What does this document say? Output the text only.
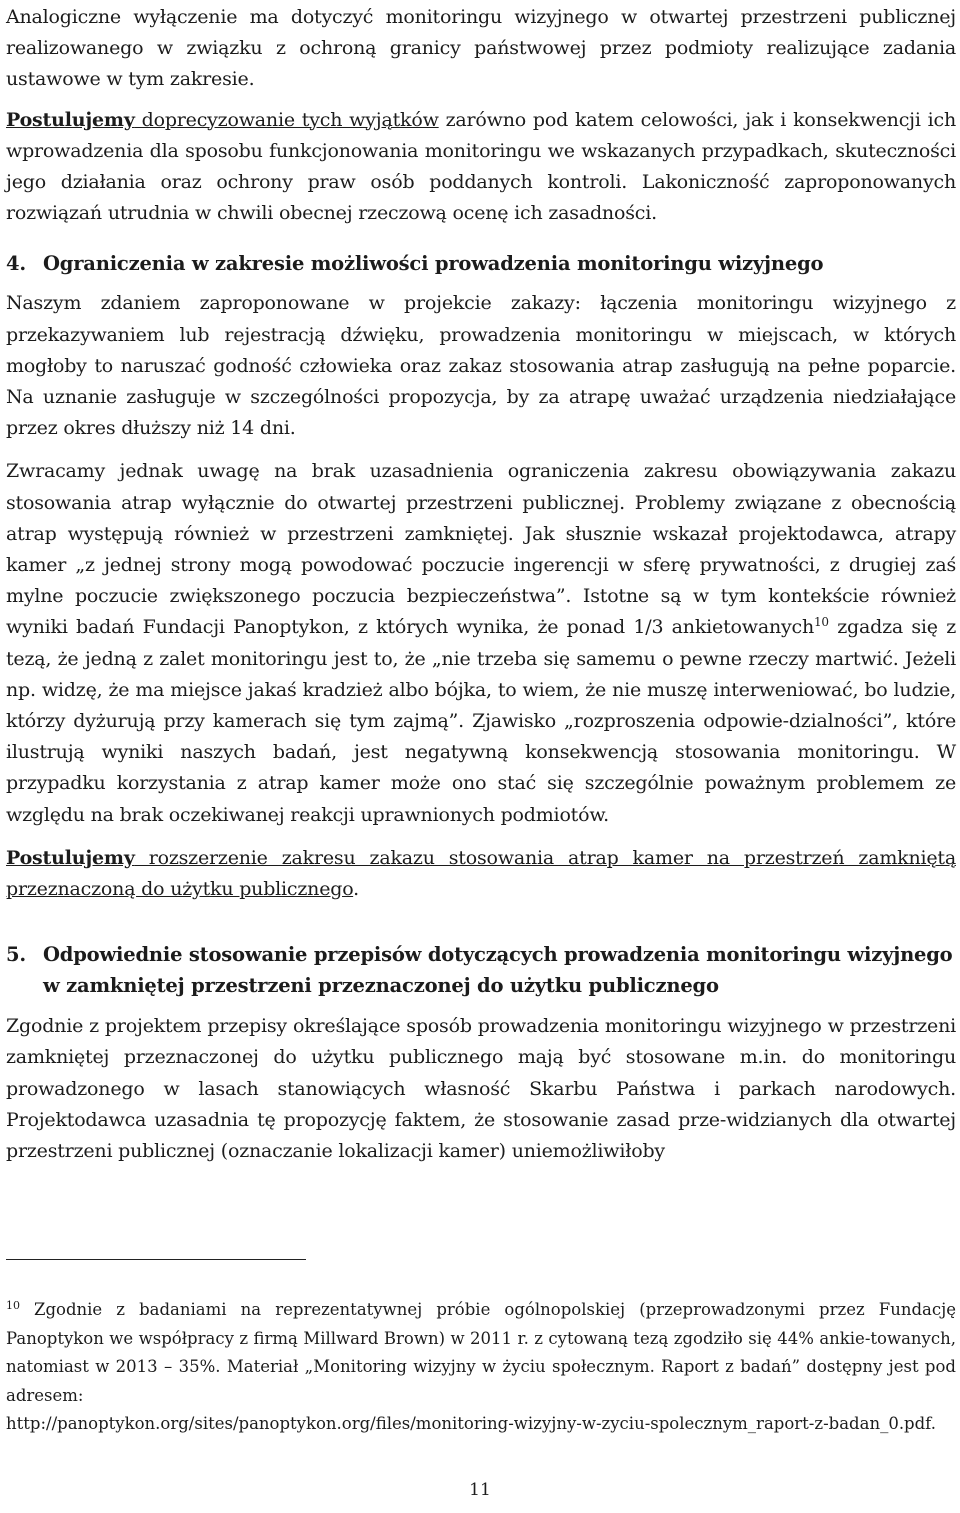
Analogiczne wyłączenie ma dotyczyć monitoringu wizyjnego w otwartej przestrzeni publicznej realizowanego w związku z ochroną granicy państwowej przez podmioty realizujące zadania ustawowe w tym zakresie.

Postulujemy doprecyzowanie tych wyjątków zarówno pod katem celowości, jak i konsekwencji ich wprowadzenia dla sposobu funkcjonowania monitoringu we wskazanych przypadkach, skuteczności jego działania oraz ochrony praw osób poddanych kontroli. Lakoniczność zaproponowanych rozwiązań utrudnia w chwili obecnej rzeczową ocenę ich zasadności.

4. Ograniczenia w zakresie możliwości prowadzenia monitoringu wizyjnego

Naszym zdaniem zaproponowane w projekcie zakazy: łączenia monitoringu wizyjnego z przekazywaniem lub rejestracją dźwięku, prowadzenia monitoringu w miejscach, w których mogłoby to naruszać godność człowieka oraz zakaz stosowania atrap zasługują na pełne poparcie. Na uznanie zasługuje w szczególności propozycja, by za atrapę uważać urządzenia niedziałające przez okres dłuższy niż 14 dni.

Zwracamy jednak uwagę na brak uzasadnienia ograniczenia zakresu obowiązywania zakazu stosowania atrap wyłącznie do otwartej przestrzeni publicznej. Problemy związane z obecnością atrap występują również w przestrzeni zamkniętej. Jak słusznie wskazał projektodawca, atrapy kamer „z jednej strony mogą powodować poczucie ingerencji w sferę prywatności, z drugiej zaś mylne poczucie zwiększonego poczucia bezpieczeństwa”. Istotne są w tym kontekście również wyniki badań Fundacji Panoptykon, z których wynika, że ponad 1/3 ankietowanych$^{10}$ zgadza się z tezą, że jedną z zalet monitoringu jest to, że „nie trzeba się samemu o pewne rzeczy martwić. Jeżeli np. widzę, że ma miejsce jakaś kradzież albo bójka, to wiem, że nie muszę interweniować, bo ludzie, którzy dyżurują przy kamerach się tym zajmą”. Zjawisko „rozproszenia odpowie-dzialności”, które ilustrują wyniki naszych badań, jest negatywną konsekwencją stosowania monitoringu. W przypadku korzystania z atrap kamer może ono stać się szczególnie poważnym problemem ze względu na brak oczekiwanej reakcji uprawnionych podmiotów.

Postulujemy rozszerzenie zakresu zakazu stosowania atrap kamer na przestrzeń zamkniętą przeznaczoną do użytku publicznego.

5. Odpowiednie stosowanie przepisów dotyczących prowadzenia monitoringu wizyjnego w zamkniętej przestrzeni przeznaczonej do użytku publicznego

Zgodnie z projektem przepisy określające sposób prowadzenia monitoringu wizyjnego w przestrzeni zamkniętej przeznaczonej do użytku publicznego mają być stosowane m.in. do monitoringu prowadzonego w lasach stanowiących własność Skarbu Państwa i parkach narodowych. Projektodawca uzasadnia tę propozycję faktem, że stosowanie zasad prze-widzianych dla otwartej przestrzeni publicznej (oznaczanie lokalizacji kamer) uniemożliwiłoby

$^{10}$ Zgodnie z badaniami na reprezentatywnej próbie ogólnopolskiej (przeprowadzonymi przez Fundację Panoptykon we współpracy z firmą Millward Brown) w 2011 r. z cytowaną tezą zgodziło się 44% ankie-towanych, natomiast w 2013 – 35%. Materiał „Monitoring wizyjny w życiu społecznym. Raport z badań” dostępny jest pod adresem:

http://panoptykon.org/sites/panoptykon.org/files/monitoring-wizyjny-w-zyciu-spolecznym_raport-z-badan_0.pdf.

11
